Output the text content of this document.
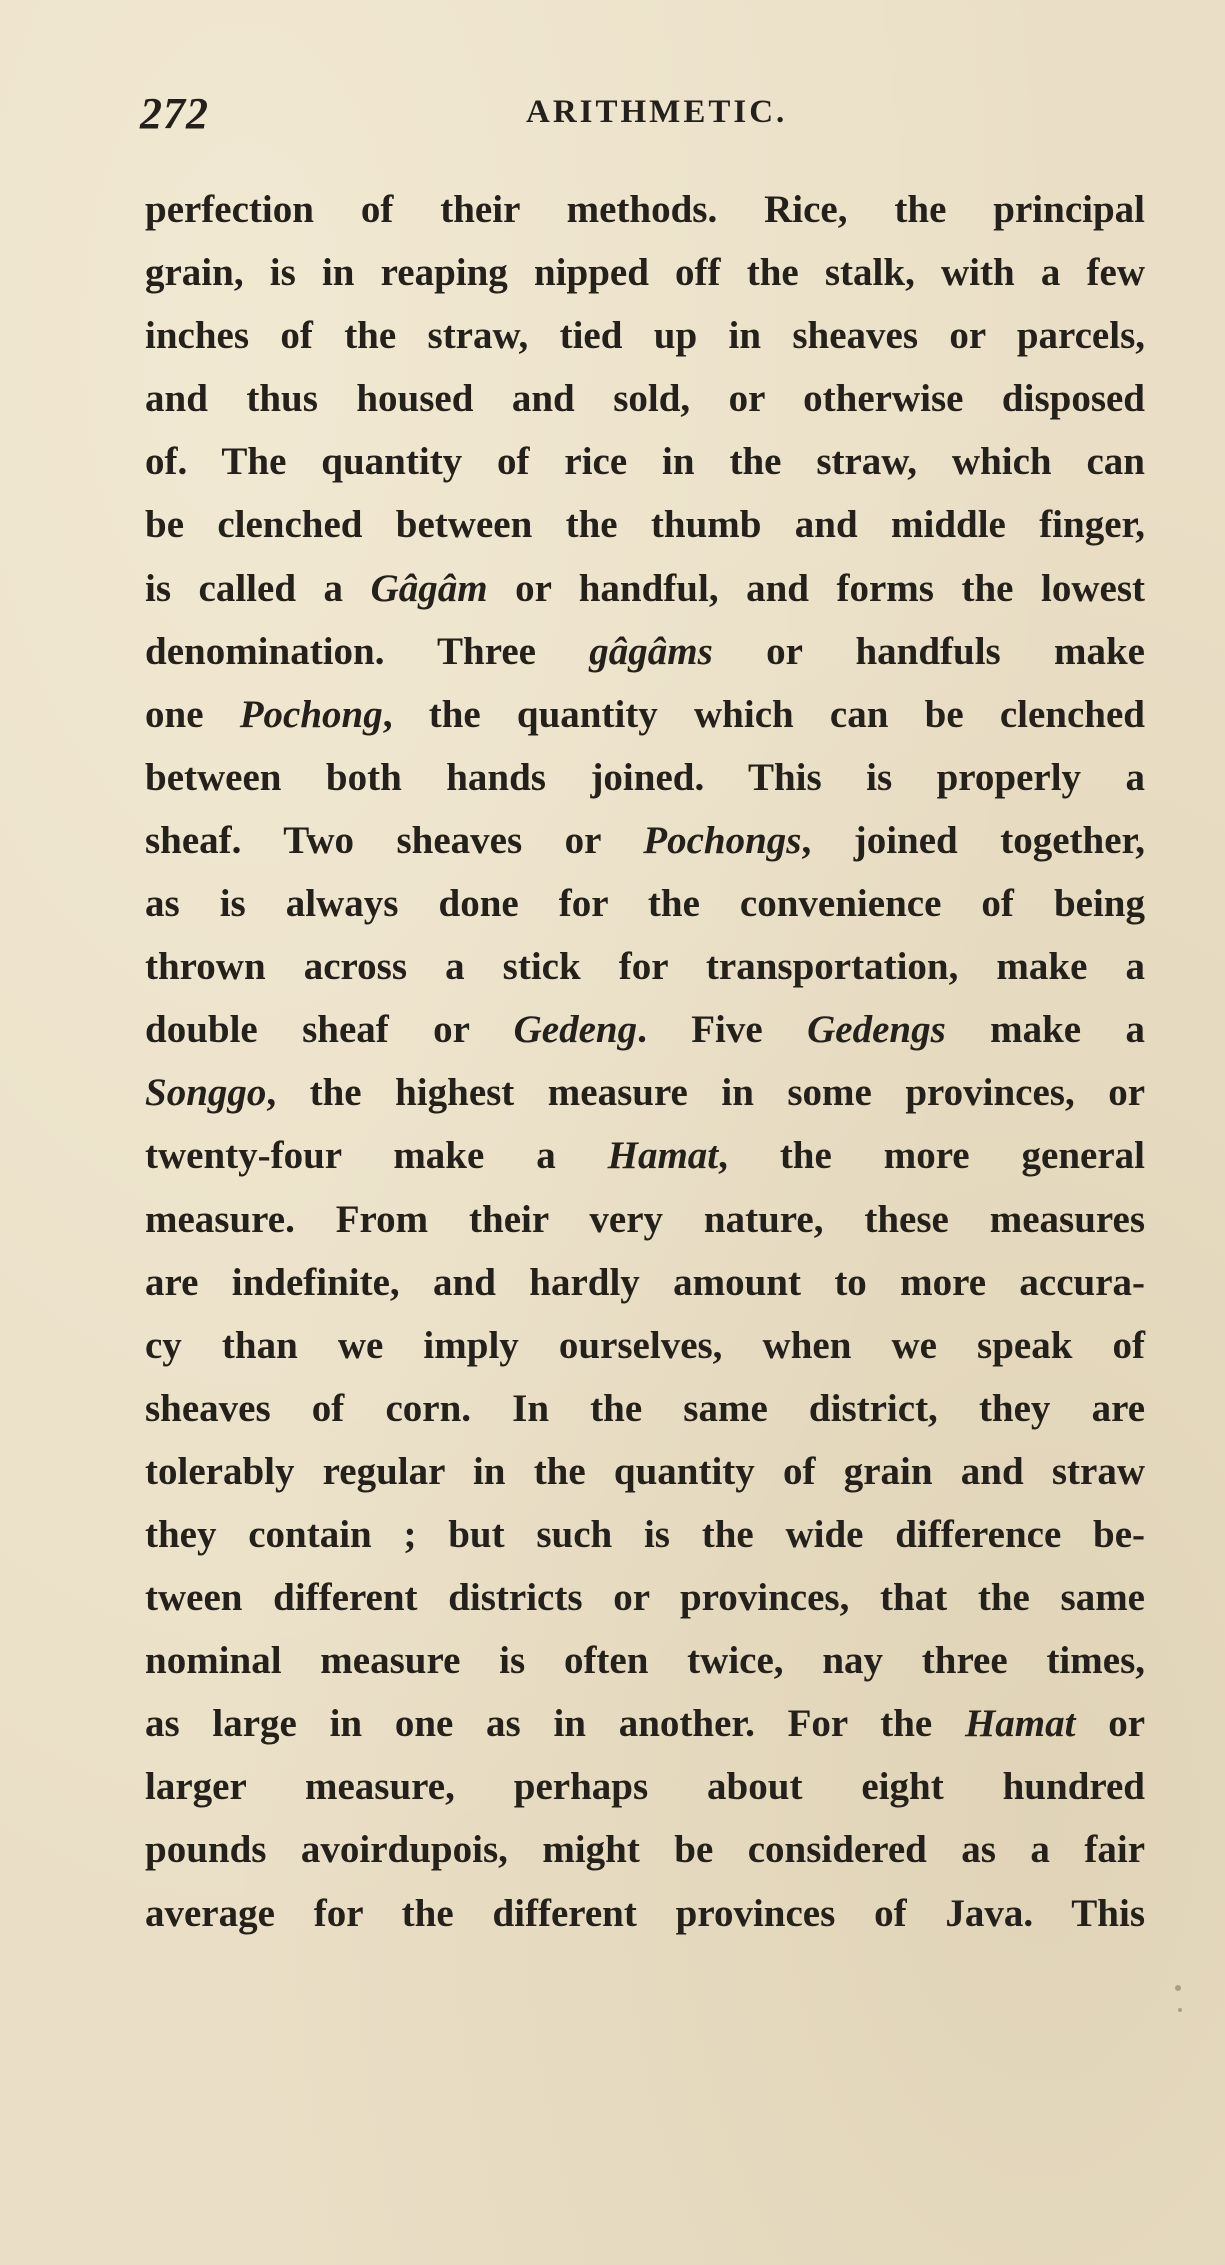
272	ARITHMETIC.
perfection of their methods. Rice, the principal
grain, is in reaping nipped off the stalk, with a few
inches of the straw, tied up in sheaves or parcels,
and thus housed and sold, or otherwise disposed
of. The quantity of rice in the straw, which can
be clenched between the thumb and middle finger,
is called a Gâgâm or handful, and forms the lowest
denomination. Three gâgâms or handfuls make
one Pochong, the quantity which can be clenched
between both hands joined. This is properly a
sheaf. Two sheaves or Pochongs, joined together,
as is always done for the convenience of being
thrown across a stick for transportation, make a
double sheaf or Gedeng. Five Gedengs make a
Songgo, the highest measure in some provinces, or
twenty-four make a Hamat, the more general
measure. From their very nature, these measures
are indefinite, and hardly amount to more accura-
cy than we imply ourselves, when we speak of
sheaves of corn. In the same district, they are
tolerably regular in the quantity of grain and straw
they contain ; but such is the wide difference be-
tween different districts or provinces, that the same
nominal measure is often twice, nay three times,
as large in one as in another. For the Hamat or
larger measure, perhaps about eight hundred
pounds avoirdupois, might be considered as a fair
average for the different provinces of Java. This
